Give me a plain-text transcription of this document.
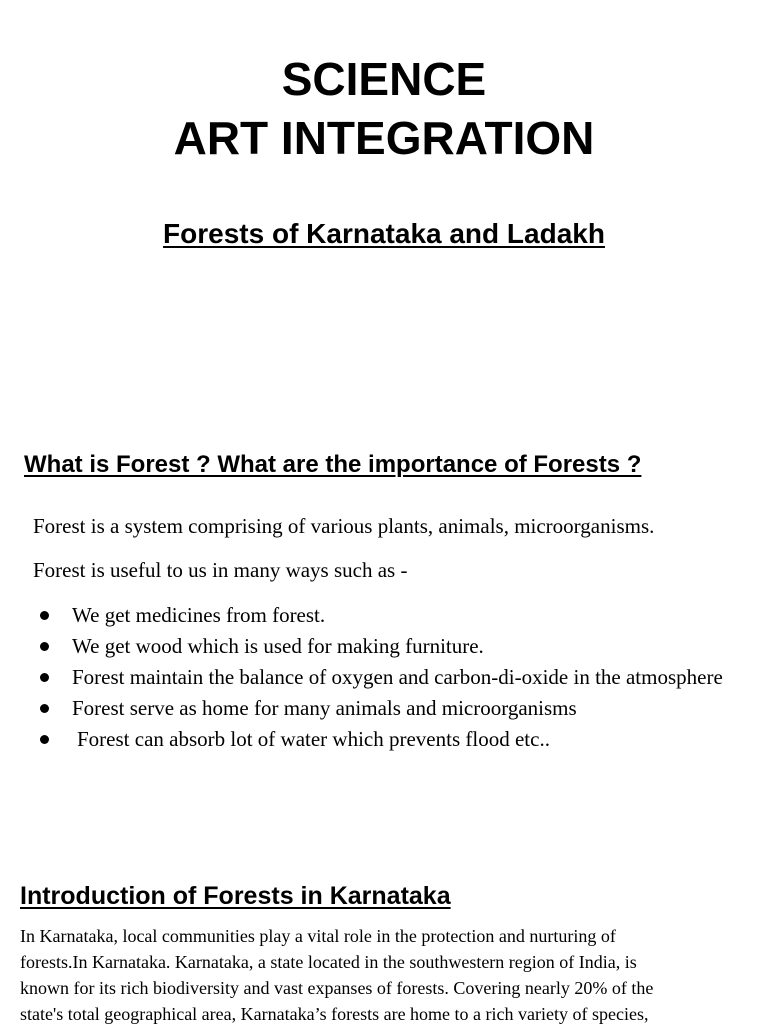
SCIENCE
ART INTEGRATION
Forests of Karnataka and Ladakh
What is Forest ? What are the importance of Forests ?

Forest is a system comprising of various plants, animals, microorganisms.

Forest is useful to us in many ways such as -

We get medicines from forest.
We get wood which is used for making furniture.
Forest maintain the balance of oxygen and carbon-di-oxide in the atmosphere
Forest serve as home for many animals and microorganisms
Forest can absorb lot of water which prevents flood etc..
Introduction of Forests in Karnataka

In Karnataka, local communities play a vital role in the protection and nurturing of
forests.In Karnataka. Karnataka, a state located in the southwestern region of India, is
known for its rich biodiversity and vast expanses of forests. Covering nearly 20% of the
state's total geographical area, Karnataka’s forests are home to a rich variety of species,
